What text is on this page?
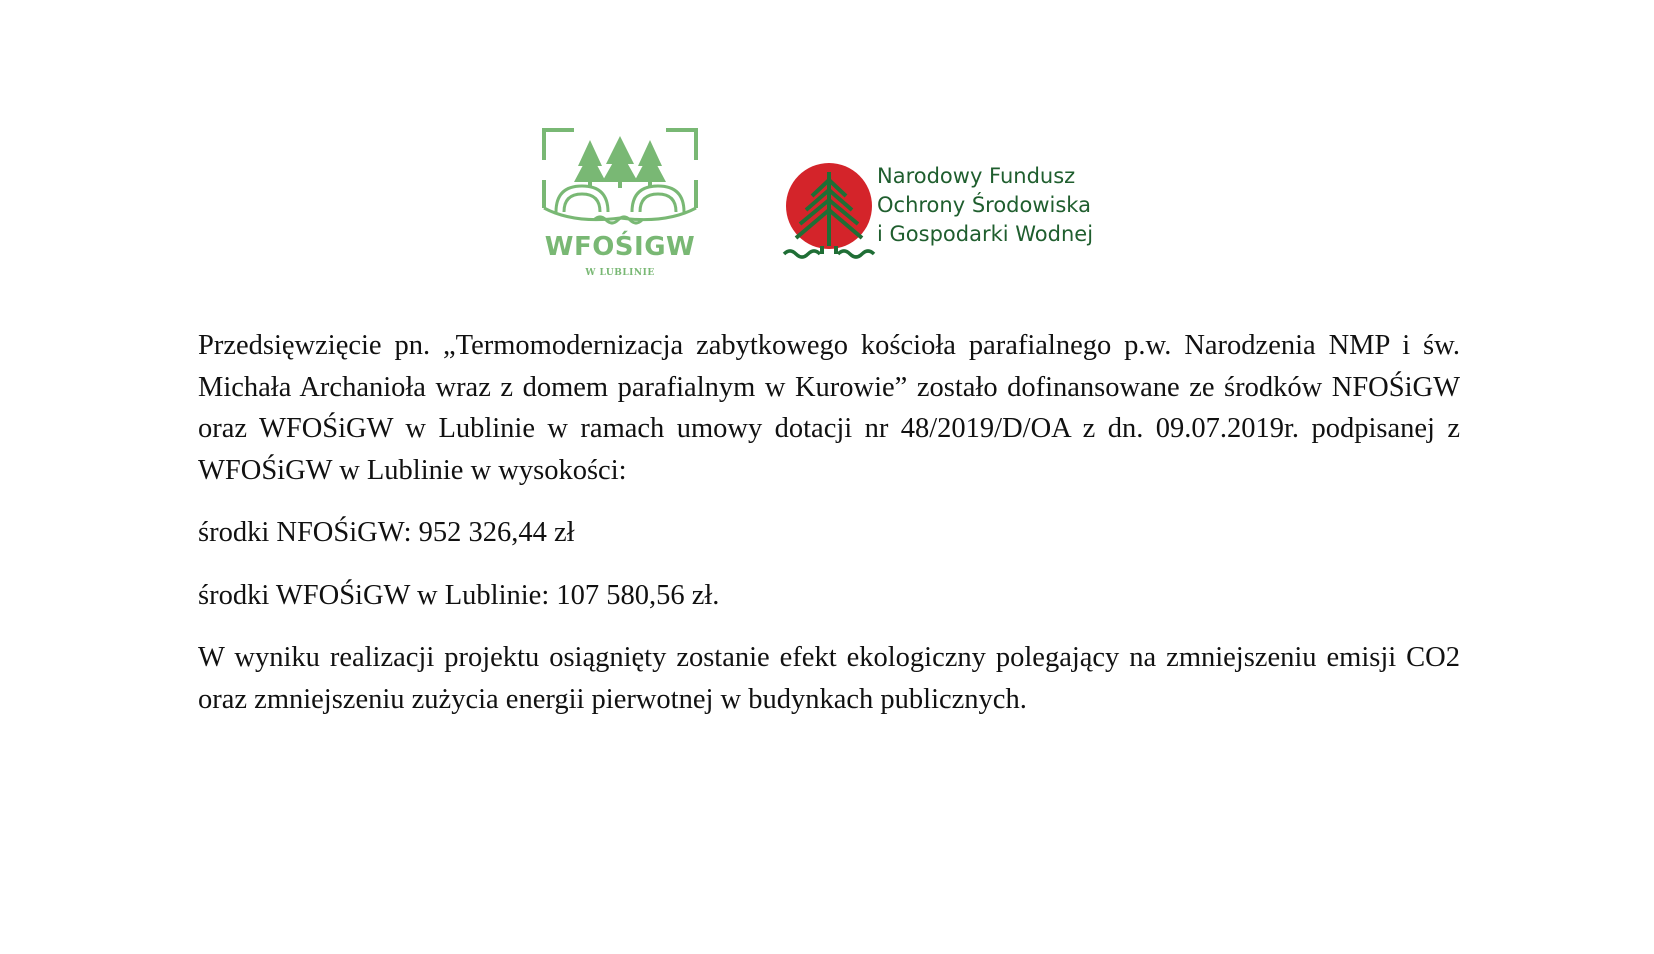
WFOŚIGW
W LUBLINIE
Narodowy Fundusz
Ochrony Środowiska
i Gospodarki Wodnej

Przedsięwzięcie pn. „Termomodernizacja zabytkowego kościoła parafialnego p.w. Narodzenia NMP i św. Michała Archanioła wraz z domem parafialnym w Kurowie” zostało dofinansowane ze środków NFOŚiGW oraz WFOŚiGW w Lublinie w ramach umowy dotacji nr 48/2019/D/OA z dn. 09.07.2019r. podpisanej z WFOŚiGW w Lublinie w wysokości:

środki NFOŚiGW: 952 326,44 zł

środki WFOŚiGW w Lublinie: 107 580,56 zł.

W wyniku realizacji projektu osiągnięty zostanie efekt ekologiczny polegający na zmniejszeniu emisji CO2 oraz zmniejszeniu zużycia energii pierwotnej w budynkach publicznych.
